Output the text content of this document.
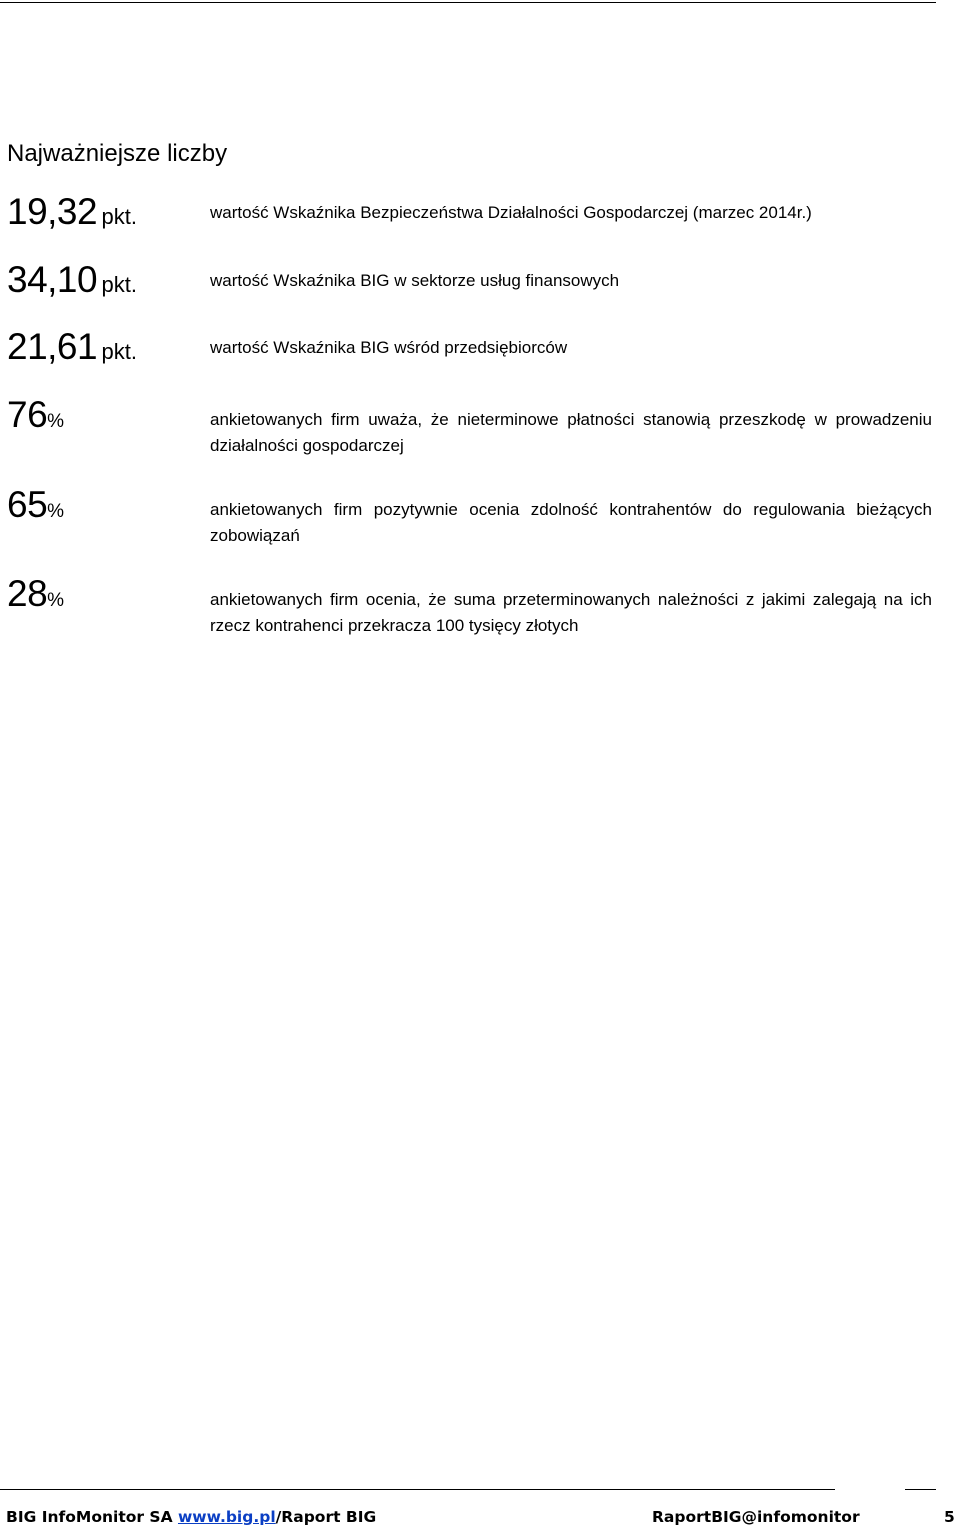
Najważniejsze liczby
19,32 pkt.	wartość Wskaźnika Bezpieczeństwa Działalności Gospodarczej (marzec 2014r.)

34,10 pkt.	wartość Wskaźnika BIG w sektorze usług finansowych

21,61 pkt.	wartość Wskaźnika BIG wśród przedsiębiorców

76%	ankietowanych firm uważa, że nieterminowe płatności stanowią przeszkodę w prowadzeniu działalności gospodarczej

65%	ankietowanych firm pozytywnie ocenia zdolność kontrahentów do regulowania bieżących zobowiązań

28%	ankietowanych firm ocenia, że suma przeterminowanych należności z jakimi zalegają na ich rzecz kontrahenci przekracza 100 tysięcy złotych

BIG InfoMonitor SA www.big.pl/Raport BIG	RaportBIG@infomonitor	5
